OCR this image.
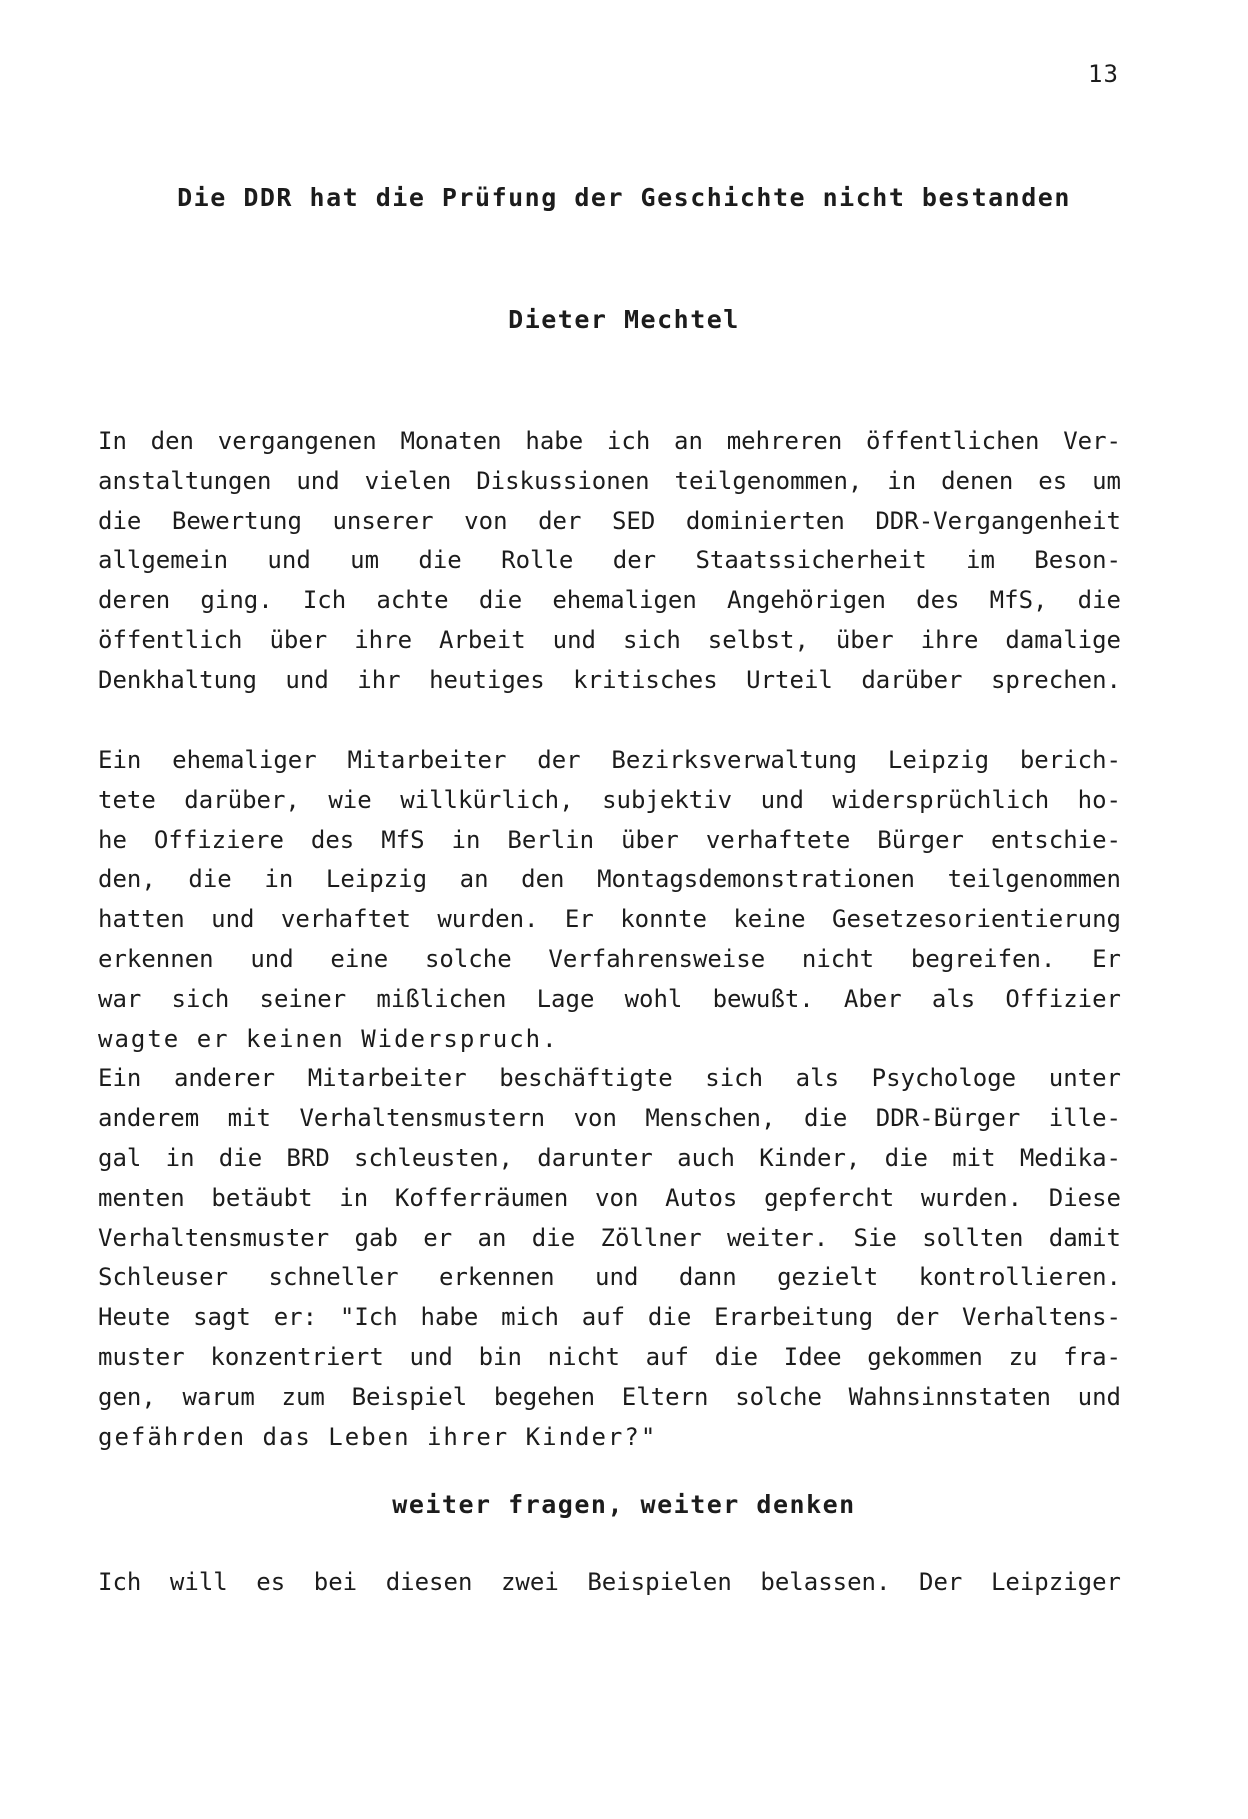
13
Die DDR hat die Prüfung der Geschichte nicht bestanden
Dieter Mechtel
In den vergangenen Monaten habe ich an mehreren öffentlichen Ver-
anstaltungen und vielen Diskussionen teilgenommen, in denen es um
die Bewertung unserer von der SED dominierten DDR-Vergangenheit
allgemein und um die Rolle der Staatssicherheit im Beson-
deren ging. Ich achte die ehemaligen Angehörigen des MfS, die
öffentlich über ihre Arbeit und sich selbst, über ihre damalige
Denkhaltung und ihr heutiges kritisches Urteil darüber sprechen.
Ein ehemaliger Mitarbeiter der Bezirksverwaltung Leipzig berich-
tete darüber, wie willkürlich, subjektiv und widersprüchlich ho-
he Offiziere des MfS in Berlin über verhaftete Bürger entschie-
den, die in Leipzig an den Montagsdemonstrationen teilgenommen
hatten und verhaftet wurden. Er konnte keine Gesetzesorientierung
erkennen und eine solche Verfahrensweise nicht begreifen. Er
war sich seiner mißlichen Lage wohl bewußt. Aber als Offizier
wagte er keinen Widerspruch.
Ein anderer Mitarbeiter beschäftigte sich als Psychologe unter
anderem mit Verhaltensmustern von Menschen, die DDR-Bürger ille-
gal in die BRD schleusten, darunter auch Kinder, die mit Medika-
menten betäubt in Kofferräumen von Autos gepfercht wurden. Diese
Verhaltensmuster gab er an die Zöllner weiter. Sie sollten damit
Schleuser schneller erkennen und dann gezielt kontrollieren.
Heute sagt er: "Ich habe mich auf die Erarbeitung der Verhaltens-
muster konzentriert und bin nicht auf die Idee gekommen zu fra-
gen, warum zum Beispiel begehen Eltern solche Wahnsinnstaten und
gefährden das Leben ihrer Kinder?"
weiter fragen, weiter denken
Ich will es bei diesen zwei Beispielen belassen. Der Leipziger
